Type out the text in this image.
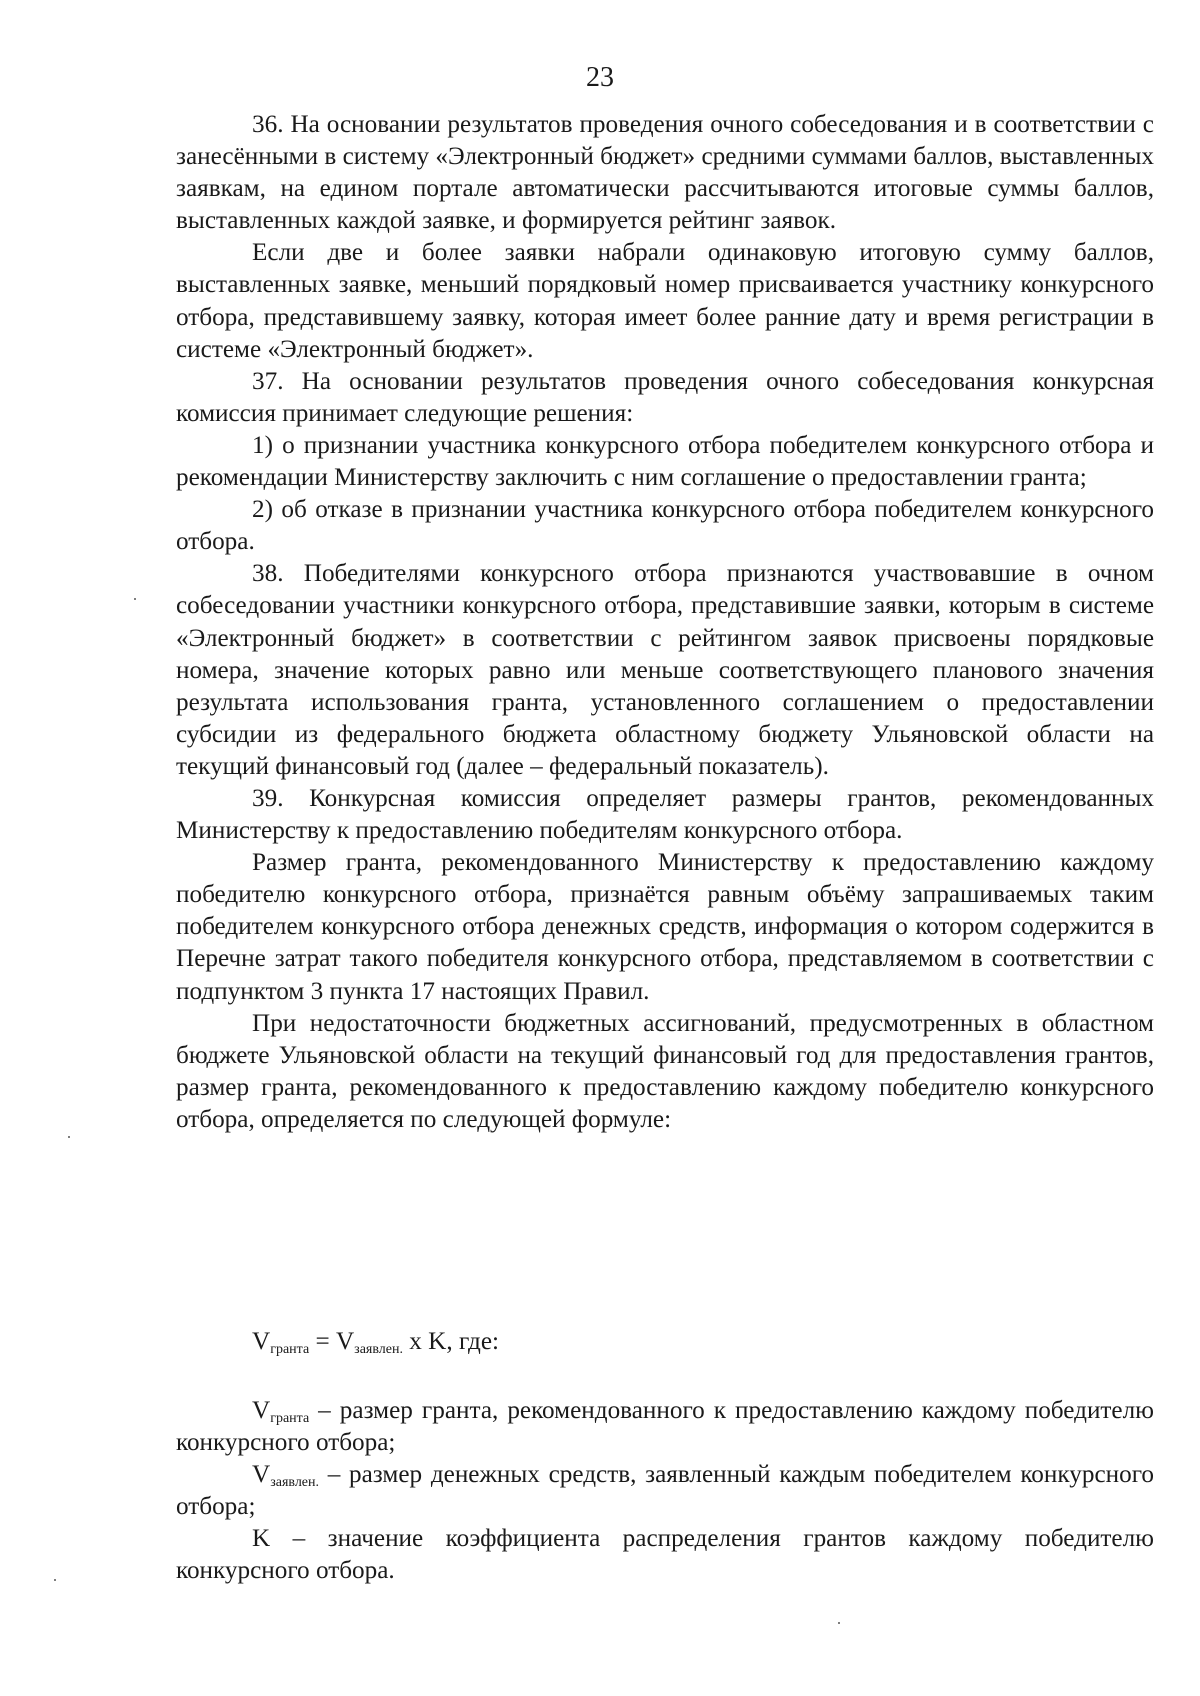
23

36. На основании результатов проведения очного собеседования и в соответствии с занесёнными в систему «Электронный бюджет» средними суммами баллов, выставленных заявкам, на едином портале автоматически рассчитываются итоговые суммы баллов, выставленных каждой заявке, и формируется рейтинг заявок.

Если две и более заявки набрали одинаковую итоговую сумму баллов, выставленных заявке, меньший порядковый номер присваивается участнику конкурсного отбора, представившему заявку, которая имеет более ранние дату и время регистрации в системе «Электронный бюджет».

37. На основании результатов проведения очного собеседования конкурсная комиссия принимает следующие решения:

1) о признании участника конкурсного отбора победителем конкурсного отбора и рекомендации Министерству заключить с ним соглашение о предоставлении гранта;

2) об отказе в признании участника конкурсного отбора победителем конкурсного отбора.

38. Победителями конкурсного отбора признаются участвовавшие в очном собеседовании участники конкурсного отбора, представившие заявки, которым в системе «Электронный бюджет» в соответствии с рейтингом заявок присвоены порядковые номера, значение которых равно или меньше соответствующего планового значения результата использования гранта, установленного соглашением о предоставлении субсидии из федерального бюджета областному бюджету Ульяновской области на текущий финансовый год (далее – федеральный показатель).

39. Конкурсная комиссия определяет размеры грантов, рекомендованных Министерству к предоставлению победителям конкурсного отбора.

Размер гранта, рекомендованного Министерству к предоставлению каждому победителю конкурсного отбора, признаётся равным объёму запрашиваемых таким победителем конкурсного отбора денежных средств, информация о котором содержится в Перечне затрат такого победителя конкурсного отбора, представляемом в соответствии с подпунктом 3 пункта 17 настоящих Правил.

При недостаточности бюджетных ассигнований, предусмотренных в областном бюджете Ульяновской области на текущий финансовый год для предоставления грантов, размер гранта, рекомендованного к предоставлению каждому победителю конкурсного отбора, определяется по следующей формуле:

$V_{гранта} = V_{заявлен.}$ x K, где:

$V_{гранта}$ – размер гранта, рекомендованного к предоставлению каждому победителю конкурсного отбора;

$V_{заявлен.}$ – размер денежных средств, заявленный каждым победителем конкурсного отбора;

K – значение коэффициента распределения грантов каждому победителю конкурсного отбора.
